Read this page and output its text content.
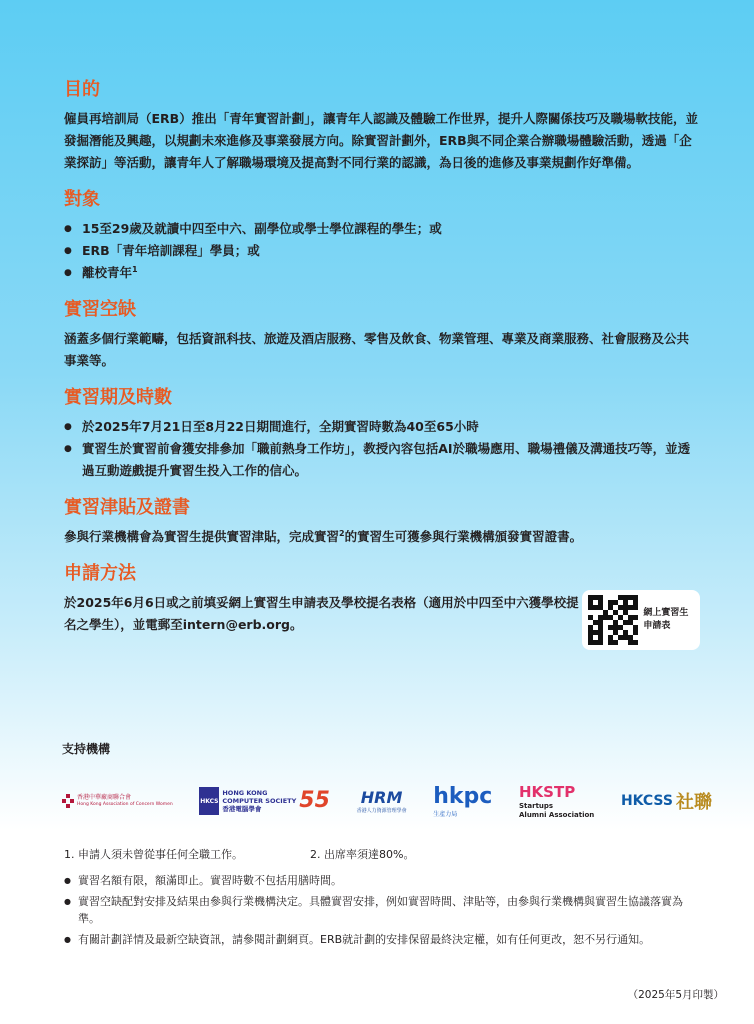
目的

僱員再培訓局（ERB）推出「青年實習計劃」，讓青年人認識及體驗工作世界，提升人際關係技巧及職場軟技能，並發掘潛能及興趣，以規劃未來進修及事業發展方向。除實習計劃外，ERB與不同企業合辦職場體驗活動，透過「企業探訪」等活動，讓青年人了解職場環境及提高對不同行業的認識，為日後的進修及事業規劃作好準備。

對象
● 15至29歲及就讀中四至中六、副學位或學士學位課程的學生；或
● ERB「青年培訓課程」學員；或
● 離校青年$^1$
實習空缺

涵蓋多個行業範疇，包括資訊科技、旅遊及酒店服務、零售及飲食、物業管理、專業及商業服務、社會服務及公共事業等。

實習期及時數
● 於2025年7月21日至8月22日期間進行，全期實習時數為40至65小時
● 實習生於實習前會獲安排參加「職前熱身工作坊」，教授內容包括AI於職場應用、職場禮儀及溝通技巧等，並透過互動遊戲提升實習生投入工作的信心。
實習津貼及證書

參與行業機構會為實習生提供實習津貼，完成實習$^2$的實習生可獲參與行業機構頒發實習證書。

申請方法

於2025年6月6日或之前填妥網上實習生申請表及學校提名表格（適用於中四至中六獲學校提名之學生），並電郵至intern@erb.org。

網上實習生申請表
支持機構
香港中華廠商聯合會
Hong Kong Association of Concern Women	HKCS
HONG KONG
COMPUTER SOCIETY
香港電腦學會	55 HRM
香港人力資源管理學會
hkpc
生產力局
HKSTP
Startups
Alumni Association
HKCSS 社聯
1. 申請人須未曾從事任何全職工作。	2. 出席率須達80%。
● 實習名額有限，額滿即止。實習時數不包括用膳時間。
● 實習空缺配對安排及結果由參與行業機構決定。具體實習安排，例如實習時間、津貼等，由參與行業機構與實習生協議落實為準。
● 有關計劃詳情及最新空缺資訊，請參閱計劃網頁。ERB就計劃的安排保留最終決定權，如有任何更改，恕不另行通知。
（2025年5月印製）
